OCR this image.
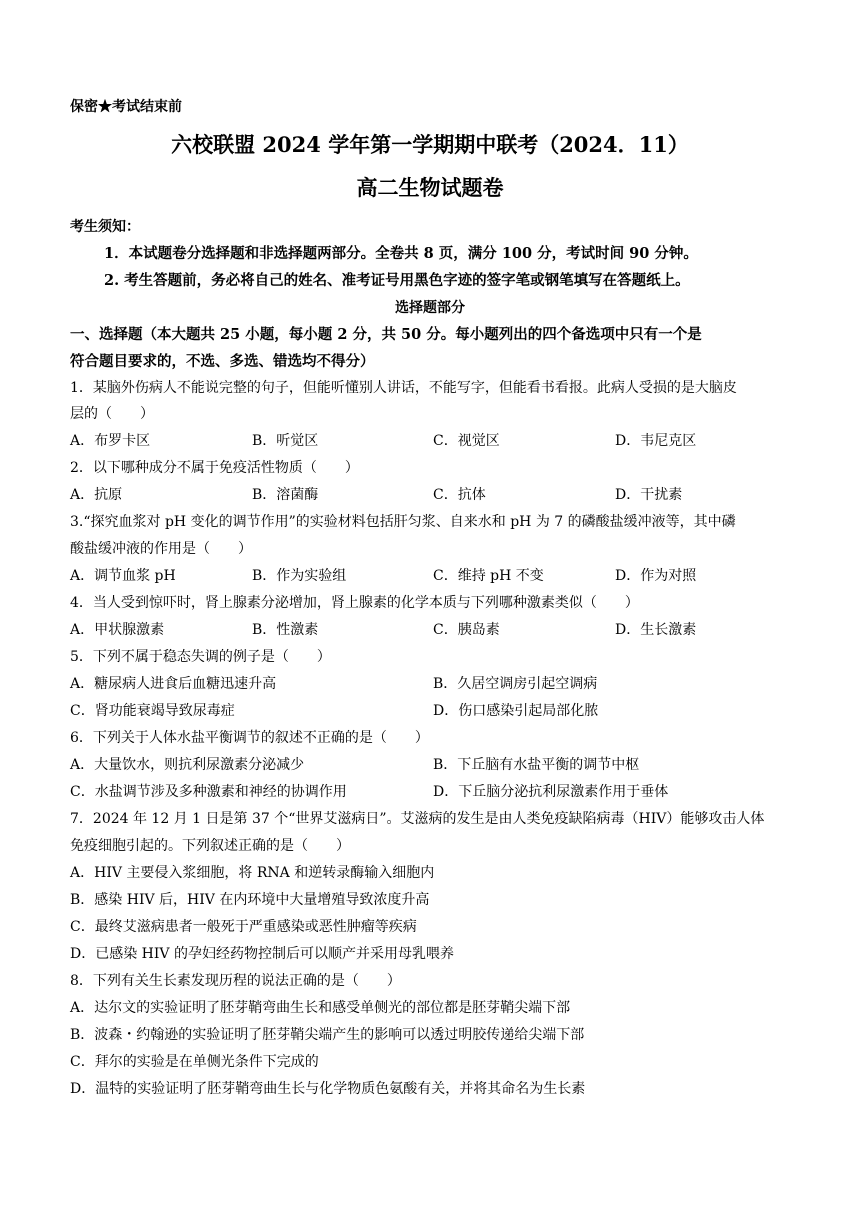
保密★考试结束前
六校联盟 2024 学年第一学期期中联考（2024．11）
高二生物试题卷
考生须知：
1．本试题卷分选择题和非选择题两部分。全卷共 8 页，满分 100 分，考试时间 90 分钟。
2. 考生答题前，务必将自己的姓名、准考证号用黑色字迹的签字笔或钢笔填写在答题纸上。
选择题部分
一、选择题（本大题共 25 小题，每小题 2 分，共 50 分。每小题列出的四个备选项中只有一个是
符合题目要求的，不选、多选、错选均不得分）
1．某脑外伤病人不能说完整的句子，但能听懂别人讲话，不能写字，但能看书看报。此病人受损的是大脑皮
层的（　　）
A．布罗卡区	B．听觉区	C．视觉区	D．韦尼克区
2．以下哪种成分不属于免疫活性物质（　　）
A．抗原	B．溶菌酶	C．抗体	D．干扰素
3.“探究血浆对 pH 变化的调节作用”的实验材料包括肝匀浆、自来水和 pH 为 7 的磷酸盐缓冲液等，其中磷
酸盐缓冲液的作用是（　　）
A．调节血浆 pH	B．作为实验组	C．维持 pH 不变	D．作为对照
4．当人受到惊吓时，肾上腺素分泌增加，肾上腺素的化学本质与下列哪种激素类似（　　）
A．甲状腺激素	B．性激素	C．胰岛素	D．生长激素
5．下列不属于稳态失调的例子是（　　）
A．糖尿病人进食后血糖迅速升高	B．久居空调房引起空调病
C．肾功能衰竭导致尿毒症	D．伤口感染引起局部化脓
6．下列关于人体水盐平衡调节的叙述不正确的是（　　）
A．大量饮水，则抗利尿激素分泌减少	B．下丘脑有水盐平衡的调节中枢
C．水盐调节涉及多种激素和神经的协调作用	D．下丘脑分泌抗利尿激素作用于垂体
7．2024 年 12 月 1 日是第 37 个“世界艾滋病日”。艾滋病的发生是由人类免疫缺陷病毒（HIV）能够攻击人体
免疫细胞引起的。下列叙述正确的是（　　）
A．HIV 主要侵入浆细胞，将 RNA 和逆转录酶输入细胞内
B．感染 HIV 后，HIV 在内环境中大量增殖导致浓度升高
C．最终艾滋病患者一般死于严重感染或恶性肿瘤等疾病
D．已感染 HIV 的孕妇经药物控制后可以顺产并采用母乳喂养
8．下列有关生长素发现历程的说法正确的是（　　）
A．达尔文的实验证明了胚芽鞘弯曲生长和感受单侧光的部位都是胚芽鞘尖端下部
B．波森・约翰逊的实验证明了胚芽鞘尖端产生的影响可以透过明胶传递给尖端下部
C．拜尔的实验是在单侧光条件下完成的
D．温特的实验证明了胚芽鞘弯曲生长与化学物质色氨酸有关，并将其命名为生长素
